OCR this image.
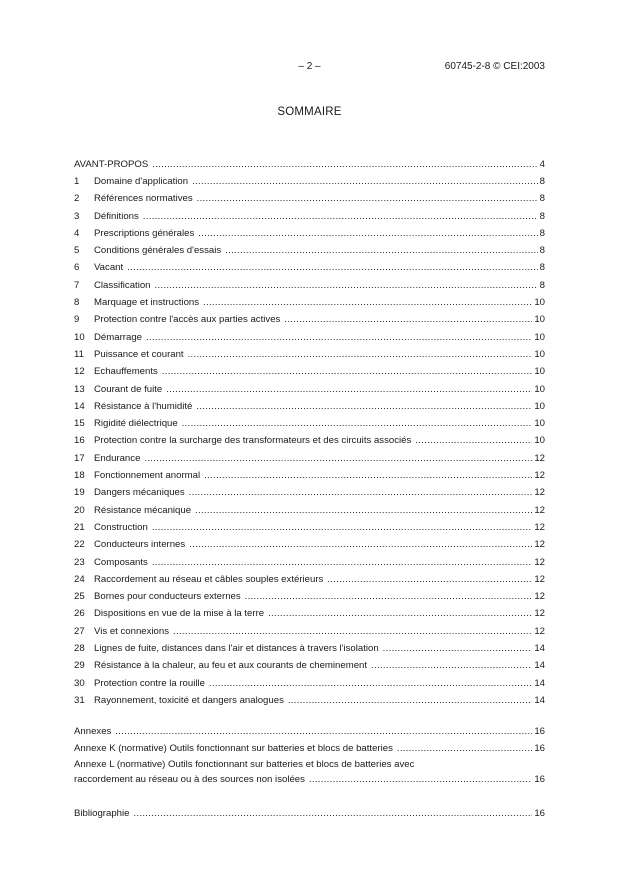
– 2 –	60745-2-8 © CEI:2003
SOMMAIRE
AVANT-PROPOS .....	4
1	Domaine d'application .....	8
2	Références normatives .....	8
3	Définitions .....	8
4	Prescriptions générales .....	8
5	Conditions générales d'essais .....	8
6	Vacant .....	8
7	Classification .....	8
8	Marquage et instructions .....	10
9	Protection contre l'accès aux parties actives .....	10
10 Démarrage .....	10
11	Puissance et courant .....	10
12 Echauffements .....	10
13 Courant de fuite .....	10
14 Résistance à l'humidité .....	10
15 Rigidité diélectrique .....	10
16 Protection contre la surcharge des transformateurs et des circuits associés .....	10
17 Endurance .....	12
18 Fonctionnement anormal .....	12
19 Dangers mécaniques .....	12
20 Résistance mécanique .....	12
21 Construction .....	12
22 Conducteurs internes .....	12
23 Composants .....	12
24 Raccordement au réseau et câbles souples extérieurs .....	12
25 Bornes pour conducteurs externes .....	12
26 Dispositions en vue de la mise à la terre .....	12
27 Vis et connexions .....	12
28 Lignes de fuite, distances dans l'air et distances à travers l'isolation .....	14
29 Résistance à la chaleur, au feu et aux courants de cheminement .....	14
30 Protection contre la rouille .....	14
31 Rayonnement, toxicité et dangers analogues .....	14
Annexes .....	16
Annexe K (normative) Outils fonctionnant sur batteries et blocs de batteries .....	16
Annexe L (normative) Outils fonctionnant sur batteries et blocs de batteries avec
raccordement au réseau ou à des sources non isolées .....	16
Bibliographie .....	16
